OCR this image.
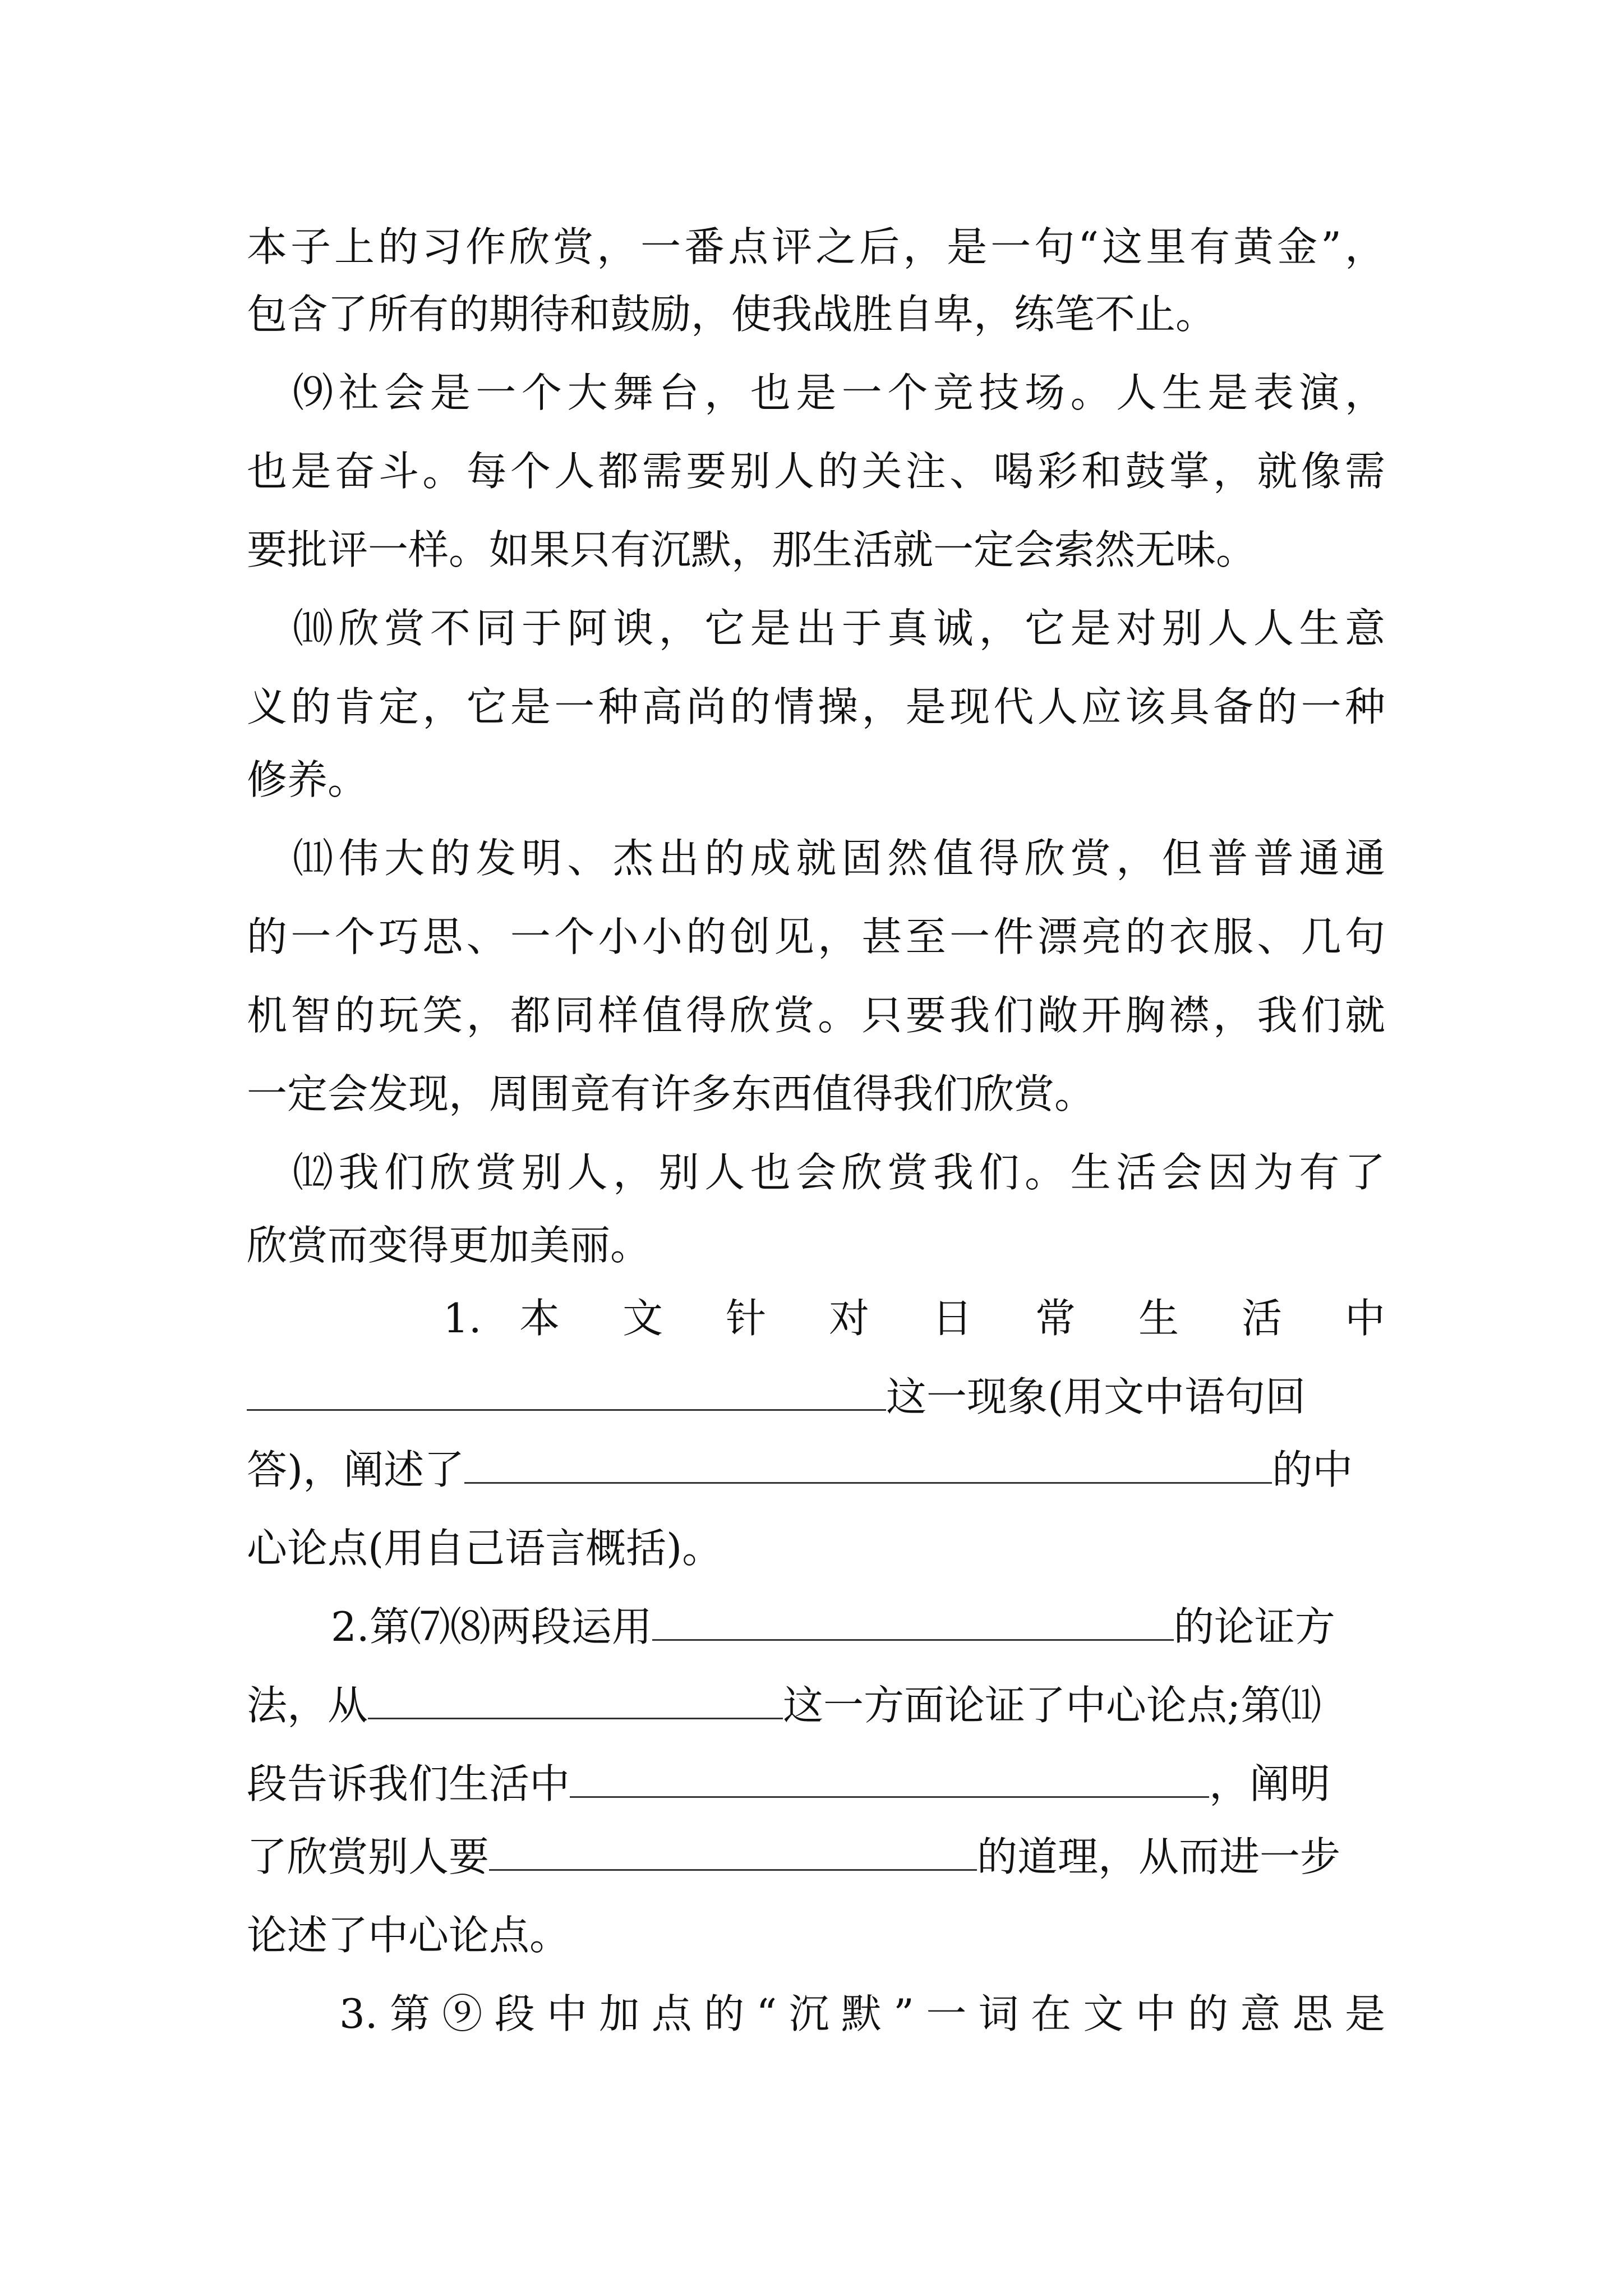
本子上的习作欣赏，一番点评之后，是一句“这里有黄金”，
包含了所有的期待和鼓励，使我战胜自卑，练笔不止。
⑼社会是一个大舞台，也是一个竞技场。人生是表演，
也是奋斗。每个人都需要别人的关注、喝彩和鼓掌，就像需
要批评一样。如果只有沉默，那生活就一定会索然无味。
⑽欣赏不同于阿谀，它是出于真诚，它是对别人人生意
义的肯定，它是一种高尚的情操，是现代人应该具备的一种
修养。
⑾伟大的发明、杰出的成就固然值得欣赏，但普普通通
的一个巧思、一个小小的创见，甚至一件漂亮的衣服、几句
机智的玩笑，都同样值得欣赏。只要我们敞开胸襟，我们就
一定会发现，周围竟有许多东西值得我们欣赏。
⑿我们欣赏别人，别人也会欣赏我们。生活会因为有了
欣赏而变得更加美丽。
1. 本 文 针 对 日 常 生 活 中
这一现象(用文中语句回
答)，阐述了	的中
心论点(用自己语言概括)。
2.第⑺⑻两段运用	的论证方
法，从	这一方面论证了中心论点;第⑾
段告诉我们生活中	，阐明
了欣赏别人要	的道理，从而进一步
论述了中心论点。
3.第⑨段中加点的“沉默”一词在文中的意思是
